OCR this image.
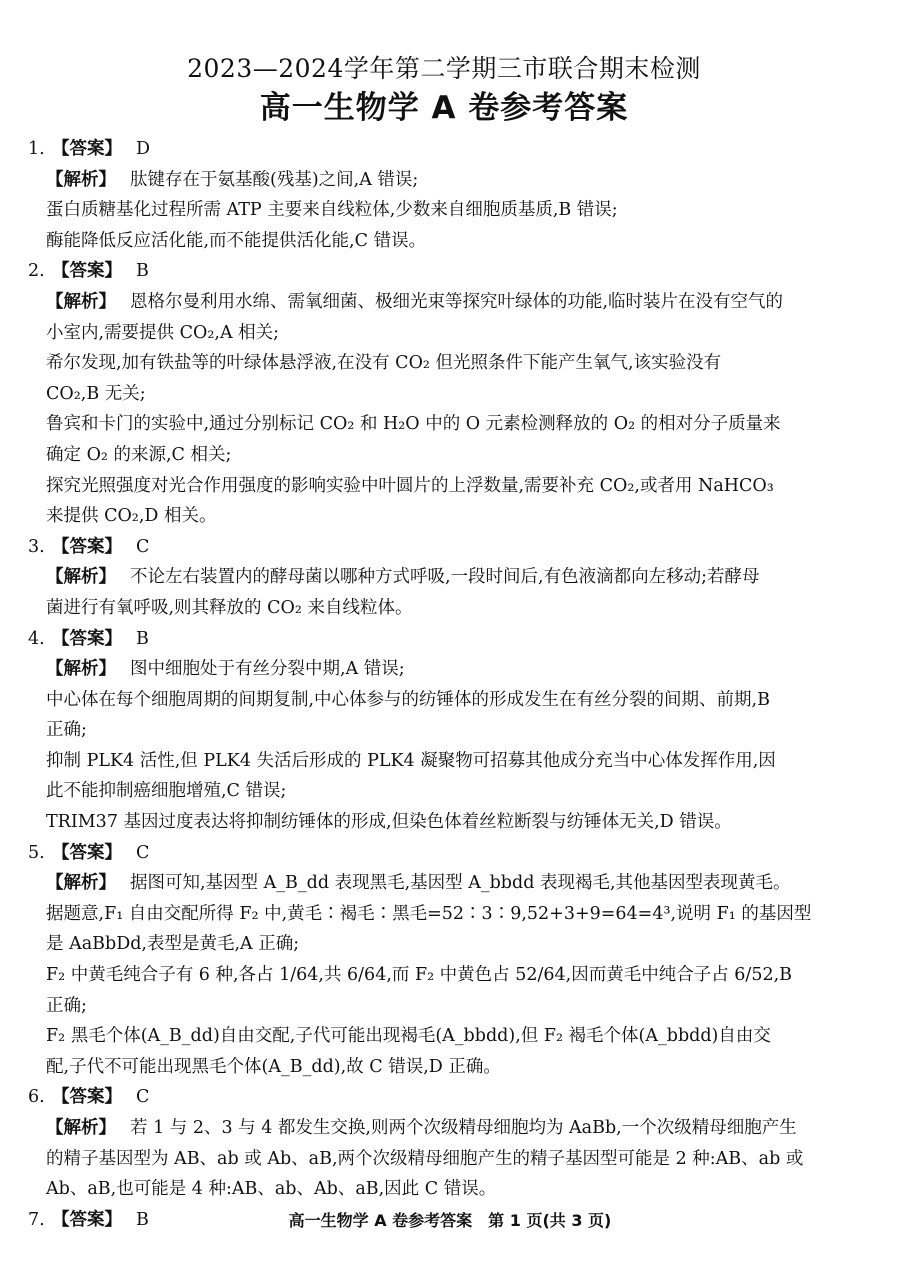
2023—2024学年第二学期三市联合期末检测
高一生物学 A 卷参考答案
1. 【答案】 D
【解析】 肽键存在于氨基酸(残基)之间,A 错误;
蛋白质糖基化过程所需 ATP 主要来自线粒体,少数来自细胞质基质,B 错误;
酶能降低反应活化能,而不能提供活化能,C 错误。
2. 【答案】 B
【解析】 恩格尔曼利用水绵、需氧细菌、极细光束等探究叶绿体的功能,临时装片在没有空气的
小室内,需要提供 CO₂,A 相关;
希尔发现,加有铁盐等的叶绿体悬浮液,在没有 CO₂ 但光照条件下能产生氧气,该实验没有
CO₂,B 无关;
鲁宾和卡门的实验中,通过分别标记 CO₂ 和 H₂O 中的 O 元素检测释放的 O₂ 的相对分子质量来
确定 O₂ 的来源,C 相关;
探究光照强度对光合作用强度的影响实验中叶圆片的上浮数量,需要补充 CO₂,或者用 NaHCO₃
来提供 CO₂,D 相关。
3. 【答案】 C
【解析】 不论左右装置内的酵母菌以哪种方式呼吸,一段时间后,有色液滴都向左移动;若酵母
菌进行有氧呼吸,则其释放的 CO₂ 来自线粒体。
4. 【答案】 B
【解析】 图中细胞处于有丝分裂中期,A 错误;
中心体在每个细胞周期的间期复制,中心体参与的纺锤体的形成发生在有丝分裂的间期、前期,B
正确;
抑制 PLK4 活性,但 PLK4 失活后形成的 PLK4 凝聚物可招募其他成分充当中心体发挥作用,因
此不能抑制癌细胞增殖,C 错误;
TRIM37 基因过度表达将抑制纺锤体的形成,但染色体着丝粒断裂与纺锤体无关,D 错误。
5. 【答案】 C
【解析】 据图可知,基因型 A_B_dd 表现黑毛,基因型 A_bbdd 表现褐毛,其他基因型表现黄毛。
据题意,F₁ 自由交配所得 F₂ 中,黄毛∶褐毛∶黑毛=52∶3∶9,52+3+9=64=4³,说明 F₁ 的基因型
是 AaBbDd,表型是黄毛,A 正确;
F₂ 中黄毛纯合子有 6 种,各占 1/64,共 6/64,而 F₂ 中黄色占 52/64,因而黄毛中纯合子占 6/52,B
正确;
F₂ 黑毛个体(A_B_dd)自由交配,子代可能出现褐毛(A_bbdd),但 F₂ 褐毛个体(A_bbdd)自由交
配,子代不可能出现黑毛个体(A_B_dd),故 C 错误,D 正确。
6. 【答案】 C
【解析】 若 1 与 2、3 与 4 都发生交换,则两个次级精母细胞均为 AaBb,一个次级精母细胞产生
的精子基因型为 AB、ab 或 Ab、aB,两个次级精母细胞产生的精子基因型可能是 2 种:AB、ab 或
Ab、aB,也可能是 4 种:AB、ab、Ab、aB,因此 C 错误。
7. 【答案】 B	高一生物学 A 卷参考答案　第 1 页(共 3 页)
